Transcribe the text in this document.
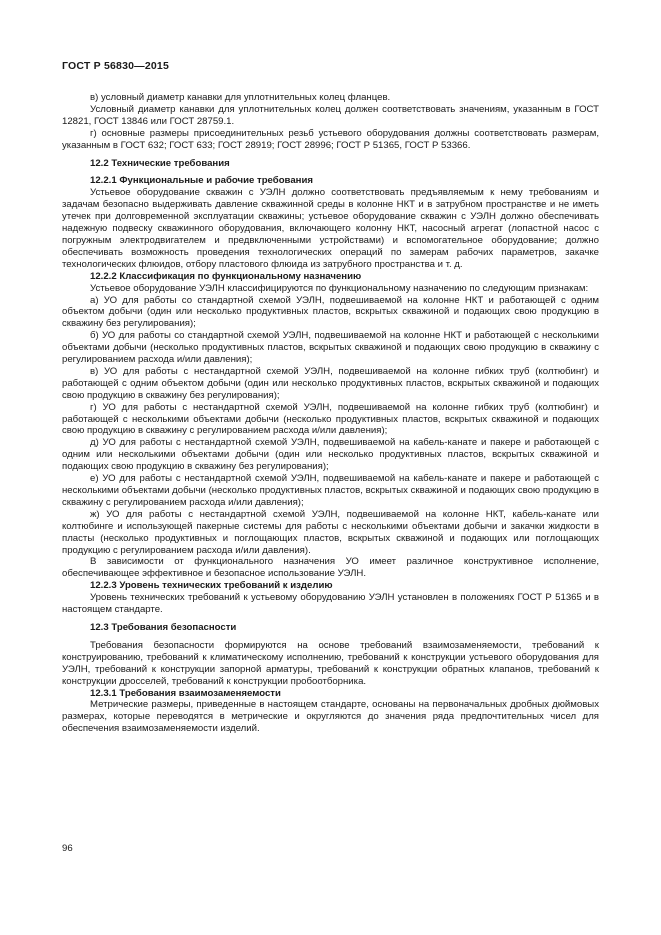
ГОСТ Р 56830—2015

в) условный диаметр канавки для уплотнительных колец фланцев.

Условный диаметр канавки для уплотнительных колец должен соответствовать значениям, указанным в ГОСТ 12821, ГОСТ 13846 или ГОСТ 28759.1.

г) основные размеры присоединительных резьб устьевого оборудования должны соответствовать размерам, указанным в ГОСТ 632; ГОСТ 633; ГОСТ 28919; ГОСТ 28996; ГОСТ Р 51365, ГОСТ Р 53366.

12.2 Технические требования
12.2.1 Функциональные и рабочие требования

Устьевое оборудование скважин с УЭЛН должно соответствовать предъявляемым к нему требованиям и задачам безопасно выдерживать давление скважинной среды в колонне НКТ и в затрубном пространстве и не иметь утечек при долговременной эксплуатации скважины; устьевое оборудование скважин с УЭЛН должно обеспечивать надежную подвеску скважинного оборудования, включающего колонну НКТ, насосный агрегат (лопастной насос с погружным электродвигателем и предвключенными устройствами) и вспомогательное оборудование; должно обеспечивать возможность проведения технологических операций по замерам рабочих параметров, закачке технологических флюидов, отбору пластового флюида из затрубного пространства и т. д.

12.2.2 Классификация по функциональному назначению

Устьевое оборудование УЭЛН классифицируются по функциональному назначению по следующим признакам:

а) УО для работы со стандартной схемой УЭЛН, подвешиваемой на колонне НКТ и работающей с одним объектом добычи (один или несколько продуктивных пластов, вскрытых скважиной и подающих свою продукцию в скважину без регулирования);

б) УО для работы со стандартной схемой УЭЛН, подвешиваемой на колонне НКТ и работающей с несколькими объектами добычи (несколько продуктивных пластов, вскрытых скважиной и подающих свою продукцию в скважину с регулированием расхода и/или давления);

в) УО для работы с нестандартной схемой УЭЛН, подвешиваемой на колонне гибких труб (колтюбинг) и работающей с одним объектом добычи (один или несколько продуктивных пластов, вскрытых скважиной и подающих свою продукцию в скважину без регулирования);

г) УО для работы с нестандартной схемой УЭЛН, подвешиваемой на колонне гибких труб (колтюбинг) и работающей с несколькими объектами добычи (несколько продуктивных пластов, вскрытых скважиной и подающих свою продукцию в скважину с регулированием расхода и/или давления);

д) УО для работы с нестандартной схемой УЭЛН, подвешиваемой на кабель-канате и пакере и работающей с одним или несколькими объектами добычи (один или несколько продуктивных пластов, вскрытых скважиной и подающих свою продукцию в скважину без регулирования);

е) УО для работы с нестандартной схемой УЭЛН, подвешиваемой на кабель-канате и пакере и работающей с несколькими объектами добычи (несколько продуктивных пластов, вскрытых скважиной и подающих свою продукцию в скважину с регулированием расхода и/или давления);

ж) УО для работы с нестандартной схемой УЭЛН, подвешиваемой на колонне НКТ, кабель-канате или колтюбинге и использующей пакерные системы для работы с несколькими объектами добычи и закачки жидкости в пласты (несколько продуктивных и поглощающих пластов, вскрытых скважиной и подающих или поглощающих продукцию с регулированием расхода и/или давления).

В зависимости от функционального назначения УО имеет различное конструктивное исполнение, обеспечивающее эффективное и безопасное использование УЭЛН.

12.2.3 Уровень технических требований к изделию

Уровень технических требований к устьевому оборудованию УЭЛН установлен в положениях ГОСТ Р 51365 и в настоящем стандарте.

12.3 Требования безопасности

Требования безопасности формируются на основе требований взаимозаменяемости, требований к конструированию, требований к климатическому исполнению, требований к конструкции устьевого оборудования для УЭЛН, требований к конструкции запорной арматуры, требований к конструкции обратных клапанов, требований к конструкции дросселей, требований к конструкции пробоотборника.

12.3.1 Требования взаимозаменяемости

Метрические размеры, приведенные в настоящем стандарте, основаны на первоначальных дробных дюймовых размерах, которые переводятся в метрические и округляются до значения ряда предпочтительных чисел для обеспечения взаимозаменяемости изделий.

96
